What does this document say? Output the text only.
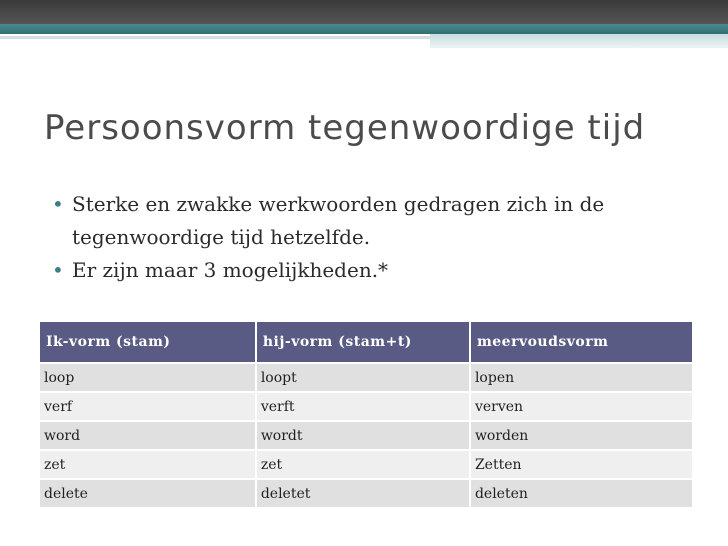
Persoonsvorm tegenwoordige tijd
• Sterke en zwakke werkwoorden gedragen zich in de tegenwoordige tijd hetzelfde.
• Er zijn maar 3 mogelijkheden.*
Ik-vorm (stam)	hij-vorm (stam+t)	meervoudsvorm
loop	loopt	lopen
verf	verft	verven
word	wordt	worden
zet	zet	Zetten
delete	deletet	deleten
